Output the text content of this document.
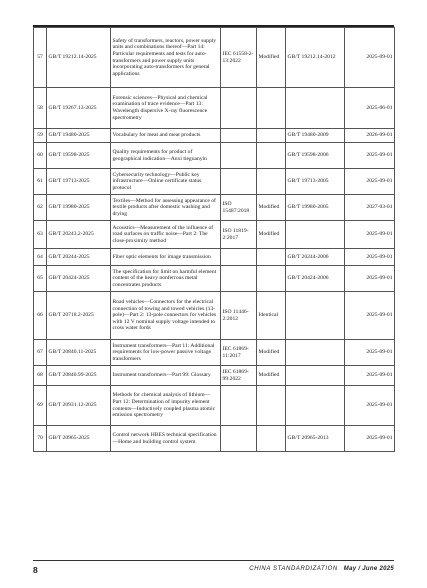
57	GB/T 19212.14-2025	Safety of transformers, reactors, power supply units and combinations thereof—Part 14: Particular requirements and tests for auto-transformers and power supply units incorporating auto-transformers for general applications	IEC 61558-2-13:2022	Modified	GB/T 19212.14-2012	2025-09-01
58	GB/T 19267.13-2025	Forensic sciences—Physical and chemical examination of trace evidence—Part 13: Wavelength dispersive X-ray fluorescence spectrometry				2025-06-01
59	GB/T 19480-2025	Vocabulary for meat and meat products			GB/T 19480-2009	2026-09-01
60	GB/T 19598-2025	Quality requirements for product of geographical indication—Anxi tieguanyin			GB/T 19598-2006	2025-09-01
61	GB/T 19713-2025	Cybersecurity technology—Public key infrastructure—Online certificate status protocol			GB/T 19713-2005	2025-09-01
62	GB/T 19980-2025	Textiles—Method for assessing appearance of textile products after domestic washing and drying	ISO 15487:2018	Modified	GB/T 19980-2005	2027-03-01
63	GB/T 20243.2-2025	Acoustics—Measurement of the influence of road surfaces on traffic noise—Part 2: The close-proximity method	ISO 11819-2:2017	Modified		2025-09-01
64	GB/T 20244-2025	Fiber optic elements for image transmission			GB/T 20244-2006	2025-09-01
65	GB/T 20424-2025	The specification for limit on harmful element content of the heavy nonferrous metal concentrates products			GB/T 20424-2006	2025-09-01
66	GB/T 20718.2-2025	Road vehicles—Connectors for the electrical connection of towing and towed vehicles (13-pole)—Part 2: 13-pole connectors for vehicles with 12 V nominal supply voltage intended to cross water fords	ISO 11446-2:2012	Identical		2025-09-01
67	GB/T 20840.11-2025	Instrument transformers—Part 11: Additional requirements for low-power passive voltage transformers	IEC 61869-11:2017	Modified		2025-09-01
68	GB/T 20840.99-2025	Instrument transformers—Part 99: Glossary	IEC 61869-99:2022	Modified		2025-09-01
69	GB/T 20931.12-2025	Methods for chemical analysis of lithium—Part 12: Determination of impurity element contents—Inductively coupled plasma atomic emission spectrometry				2025-09-01
70	GB/T 20965-2025	Control network HBES technical specification—Home and building control system			GB/T 20965-2013	2025-09-01
8	CHINA STANDARDIZATION May / June 2025
